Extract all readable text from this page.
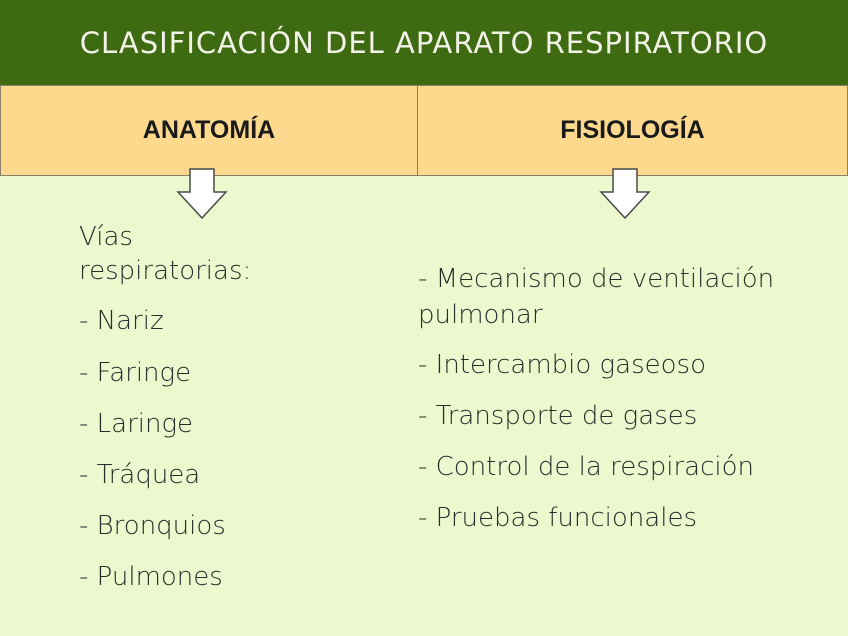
CLASIFICACIÓN DEL APARATO RESPIRATORIO
ANATOMÍA	FISIOLOGÍA
Vías
respiratorias:
- Nariz
- Faringe
- Laringe
- Tráquea
- Bronquios
- Pulmones
- Mecanismo de ventilación
pulmonar
- Intercambio gaseoso
- Transporte de gases
- Control de la respiración
- Pruebas funcionales
